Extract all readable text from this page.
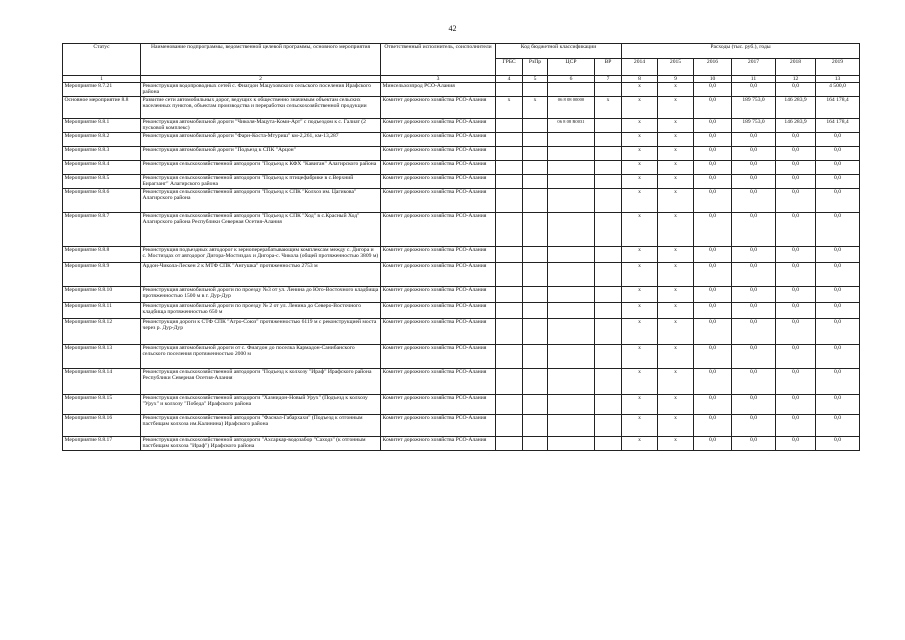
42
Статус	Наименование подпрограммы, ведомственной целевой программы, основного мероприятия	Ответственный исполнитель, соисполнители	Код бюджетной классификации				Расходы (тыс. руб.), годы					
			ГРБС	РзПр	ЦСР	ВР	2014	2015	2016	2017	2018	2019
1	2	3	4	5	6	7	8	9	10	11	12	13
Мероприятие 8.7.21	Реконструкция водопроводных сетей с. Фиагдон Мацуховского сельского поселения Ирафского района	Минсельхозпрод РСО-Алания					х	х	0,0	0,0	0,0	4 500,0
Основное мероприятие 8.8	Развитие сети автомобильных дорог, ведущих к общественно значимым объектам сельских населенных пунктов, объектам производства и переработки сельскохозяйственной продукции	Комитет дорожного хозяйства РСО-Алания	х	х	06 8 08 00000	х	х	х	0,0	189 753,0	146 283,9	164 178,4
Мероприятие 8.8.1	Реконструкция автомобильной дороги "Чиколя-Мацута-Коми-Арт" с подъездом к с. Галиат (2 пусковой комплекс)	Комитет дорожного хозяйства РСО-Алания			06 8 08 R0031		х	х	0,0	189 753,0	146 283,9	164 178,4
Мероприятие 8.8.2	Реконструкция автомобильной дороги "Фарн-Коста-Мтуриш" км-2,261, км-13,287	Комитет дорожного хозяйства РСО-Алания					х	х	0,0	0,0	0,0	0,0
Мероприятие 8.8.3	Реконструкция автомобильной дороги "Подъезд к СПК "Арцон"	Комитет дорожного хозяйства РСО-Алания					х	х	0,0	0,0	0,0	0,0
Мероприятие 8.8.4	Реконструкция сельскохозяйственной автодороги "Подъезд к КФХ "Кавиган" Алагирского района	Комитет дорожного хозяйства РСО-Алания					х	х	0,0	0,0	0,0	0,0
Мероприятие 8.8.5	Реконструкция сельскохозяйственной автодороги "Подъезд к птицефабрике в с.Верхний Бирагзанг" Алагирского района	Комитет дорожного хозяйства РСО-Алания					х	х	0,0	0,0	0,0	0,0
Мероприятие 8.8.6	Реконструкция сельскохозяйственной автодороги "Подъезд к СПК "Колхоз им. Цагикова" Алагирского района	Комитет дорожного хозяйства РСО-Алания					х	х	0,0	0,0	0,0	0,0
Мероприятие 8.8.7	Реконструкция сельскохозяйственной автодороги "Подъезд к СПК "Ход" в с.Красный Ход" Алагирского района Республики Северная Осетия-Алания	Комитет дорожного хозяйства РСО-Алания					х	х	0,0	0,0	0,0	0,0
Мероприятие 8.8.8	Реконструкция подъездных автодорог к зерноперерабатывающим комплексам между с. Дигора и с. Мостиздах от автодорог Дигора-Мостиздах и Дигора-с. Чикола (общей протяженностью 3809 м)	Комитет дорожного хозяйства РСО-Алания					х	х	0,0	0,0	0,0	0,0
Мероприятие 8.8.9	Ардон-Чикола-Лескен 2 к МТФ СПК "Ангушка" протяженностью 2753 м	Комитет дорожного хозяйства РСО-Алания					х	х	0,0	0,0	0,0	0,0
Мероприятие 8.8.10	Реконструкция автомобильной дороги по проезду №3 от ул. Ленина до Юго-Восточного кладбища протяженностью 1500 м в г. Дур-Дур	Комитет дорожного хозяйства РСО-Алания					х	х	0,0	0,0	0,0	0,0
Мероприятие 8.8.11	Реконструкция автомобильной дороги по проезду № 2 от ул. Ленина до Северо-Восточного кладбища протяженностью 650 м	Комитет дорожного хозяйства РСО-Алания					х	х	0,0	0,0	0,0	0,0
Мероприятие 8.8.12	Реконструкция дороги к СТФ СПК "Агро-Союз" протяженностью 6119 м с реконструкцией моста через р. Дур-Дур	Комитет дорожного хозяйства РСО-Алания					х	х	0,0	0,0	0,0	0,0
Мероприятие 8.8.13	Реконструкция автомобильной дороги от с. Фиагдон до поселка Кармадон-Санибанского сельского поселения протяженностью 2000 м	Комитет дорожного хозяйства РСО-Алания					х	х	0,0	0,0	0,0	0,0
Мероприятие 8.8.14	Реконструкция сельскохозяйственной автодороги "Подъезд к колхозу "Ираф" Ирафского района Республики Северная Осетия-Алания	Комитет дорожного хозяйства РСО-Алания					х	х	0,0	0,0	0,0	0,0
Мероприятие 8.8.15	Реконструкция сельскохозяйственной автодороги "Хазнидон-Новый Урух" (Подъезд к колхозу "Урух" и колхозу "Победа" Ирафского района	Комитет дорожного хозяйства РСО-Алания					х	х	0,0	0,0	0,0	0,0
Мероприятие 8.8.16	Реконструкция сельскохозяйственной автодороги "Фаснал-Габархахи" (Подъезд к отгонным пастбищам колхоза им.Калинина) Ирафского района	Комитет дорожного хозяйства РСО-Алания					х	х	0,0	0,0	0,0	0,0
Мероприятие 8.8.17	Реконструкция сельскохозяйственной автодороги "Ахсаркар-водозабор "Саходз" (к отгонным пастбищам колхоза "Ираф") Ирафского района	Комитет дорожного хозяйства РСО-Алания					х	х	0,0	0,0	0,0	0,0
